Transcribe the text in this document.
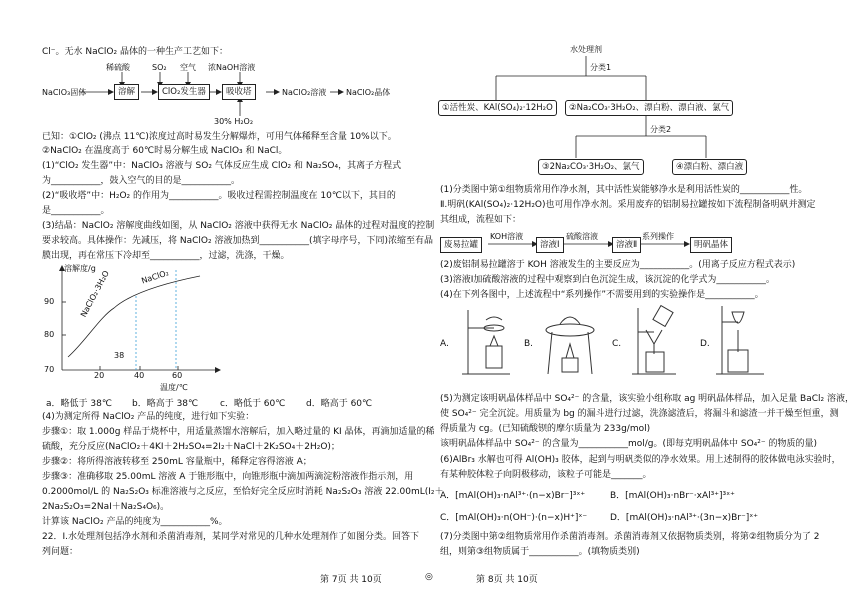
Cl⁻。无水 NaClO₂ 晶体的一种生产工艺如下：
稀硫酸	SO₂ 空气 浓NaOH溶液
NaClO₃固体	溶解	ClO₂发生器	吸收塔	NaClO₂溶液 NaClO₂晶体
30% H₂O₂
已知：①ClO₂ (沸点 11℃)浓度过高时易发生分解爆炸，可用气体稀释至含量 10%以下。
②NaClO₂ 在温度高于 60℃时易分解生成 NaClO₃ 和 NaCl。
(1)“ClO₂ 发生器”中：NaClO₃ 溶液与 SO₂ 气体反应生成 ClO₂ 和 Na₂SO₄，其离子方程式
为___________，鼓入空气的目的是___________。
(2)“吸收塔”中：H₂O₂ 的作用为___________。吸收过程需控制温度在 10℃以下，其目的
是___________。
(3)结晶：NaClO₂ 溶解度曲线如图，从 NaClO₂ 溶液中获得无水 NaClO₂ 晶体的过程对温度的控制
要求较高。具体操作：先减压，将 NaClO₂ 溶液加热到___________(填字母序号，下同)浓缩至有晶
膜出现，再在常压下冷却至___________，过滤，洗涤，干燥。
溶解度/g
90
80
70
20	40	60
38
温度/℃
NaClO₂·3H₂O	NaClO₂
a．略低于 38℃ b．略高于 38℃ c．略低于 60℃ d．略高于 60℃
(4)为测定所得 NaClO₂ 产品的纯度，进行如下实验：
步骤①：取 1.000g 样品于烧杯中，用适量蒸馏水溶解后，加入略过量的 KI 晶体，再滴加适量的稀
硫酸，充分反应(NaClO₂＋4KI＋2H₂SO₄=2I₂＋NaCl＋2K₂SO₄＋2H₂O)；
步骤②：将所得溶液转移至 250mL 容量瓶中，稀释定容得溶液 A；
步骤③：准确移取 25.00mL 溶液 A 于锥形瓶中，向锥形瓶中滴加两滴淀粉溶液作指示剂，用
0.2000mol/L 的 Na₂S₂O₃ 标准溶液与之反应，至恰好完全反应时消耗 Na₂S₂O₃ 溶液 22.00mL(I₂＋
2Na₂S₂O₃=2NaI＋Na₂S₄O₆)。
计算该 NaClO₂ 产品的纯度为___________%。
22．Ⅰ.水处理剂包括净水剂和杀菌消毒剂，某同学对常见的几种水处理剂作了如图分类。回答下
列问题：
水处理剂
分类1
①活性炭、KAl(SO₄)₂·12H₂O	②Na₂CO₃·3H₂O₂、漂白粉、漂白液、氯气
分类2
③2Na₂CO₃·3H₂O₂、氯气	④漂白粉、漂白液
(1)分类图中第①组物质常用作净水剂，其中活性炭能够净水是利用活性炭的___________性。
Ⅱ.明矾(KAl(SO₄)₂·12H₂O)也可用作净水剂。采用废弃的铝制易拉罐按如下流程制备明矾并测定
其组成，流程如下：
废易拉罐
KOH溶液
溶液Ⅰ
硫酸溶液
溶液Ⅱ
系列操作
明矾晶体
(2)废铝制易拉罐溶于 KOH 溶液发生的主要反应为___________。(用离子反应方程式表示)
(3)溶液Ⅰ加硫酸溶液的过程中观察到白色沉淀生成，该沉淀的化学式为___________。
(4)在下列各图中，上述流程中“系列操作”不需要用到的实验操作是___________。
A.	B.	C.	D.
(5)为测定该明矾晶体样品中 SO₄²⁻ 的含量，该实验小组称取 ag 明矾晶体样品，加入足量 BaCl₂ 溶液，
使 SO₄²⁻ 完全沉淀。用质量为 bg 的漏斗进行过滤，洗涤滤渣后，将漏斗和滤渣一并干燥至恒重，测
得质量为 cg。(已知硫酸钡的摩尔质量为 233g/mol)
该明矾晶体样品中 SO₄²⁻ 的含量为___________mol/g。(即每克明矾晶体中 SO₄²⁻ 的物质的量)
(6)AlBr₃ 水解也可得 Al(OH)₃ 胶体，起到与明矾类似的净水效果。用上述制得的胶体做电泳实验时，
有某种胶体粒子向阴极移动，该粒子可能是_______。
A．[mAl(OH)₃·nAl³⁺·(n−x)Br⁻]³ˣ⁺	B．[mAl(OH)₃·nBr⁻·xAl³⁺]³ˣ⁺
C．[mAl(OH)₃·n(OH⁻)·(n−x)H⁺]ˣ⁻	D．[mAl(OH)₃·nAl³⁺·(3n−x)Br⁻]ˣ⁺
(7)分类图中第②组物质常用作杀菌消毒剂。杀菌消毒剂又依据物质类别，将第②组物质分为了 2
组，则第③组物质属于___________。(填物质类别)
第 7页 共 10页	◎	第 8页 共 10页
